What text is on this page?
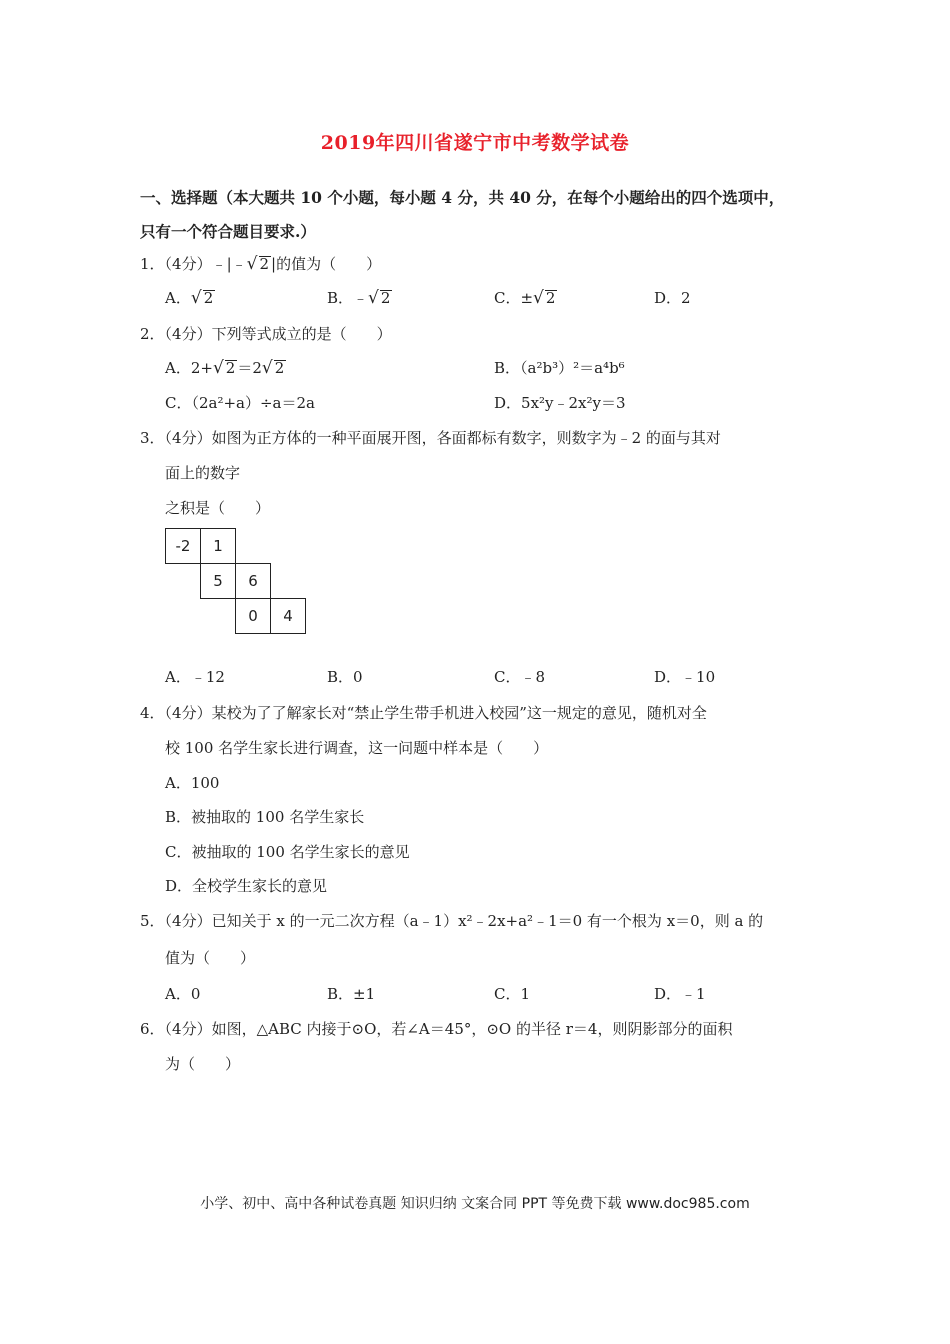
2019年四川省遂宁市中考数学试卷
一、选择题（本大题共 10 个小题，每小题 4 分，共 40 分，在每个小题给出的四个选项中，
只有一个符合题目要求.）
1．（4分）﹣|﹣√ 2 |的值为（　　）
A．√ 2	B．﹣√ 2	C．±√ 2	D．2
2．（4分）下列等式成立的是（　　）
A．2+√ 2 ＝2√ 2	B．（a²b³）²＝a⁴b⁶
C．（2a²+a）÷a＝2a	D．5x²y﹣2x²y＝3
3．（4分）如图为正方体的一种平面展开图，各面都标有数字，则数字为﹣2 的面与其对
面上的数字
之积是（　　）
-2	1
5	6
0	4
A．﹣12	B．0	C．﹣8	D．﹣10
4．（4分）某校为了了解家长对“禁止学生带手机进入校园”这一规定的意见，随机对全
校 100 名学生家长进行调查，这一问题中样本是（　　）
A．100
B．被抽取的 100 名学生家长
C．被抽取的 100 名学生家长的意见
D．全校学生家长的意见
5．（4分）已知关于 x 的一元二次方程（a﹣1）x²﹣2x+a²﹣1＝0 有一个根为 x＝0，则 a 的
值为（　　）
A．0	B．±1	C．1	D．﹣1
6．（4分）如图，△ABC 内接于⊙O，若∠A＝45°，⊙O 的半径 r＝4，则阴影部分的面积
为（　　）
小学、初中、高中各种试卷真题 知识归纳 文案合同 PPT 等免费下载 www.doc985.com
